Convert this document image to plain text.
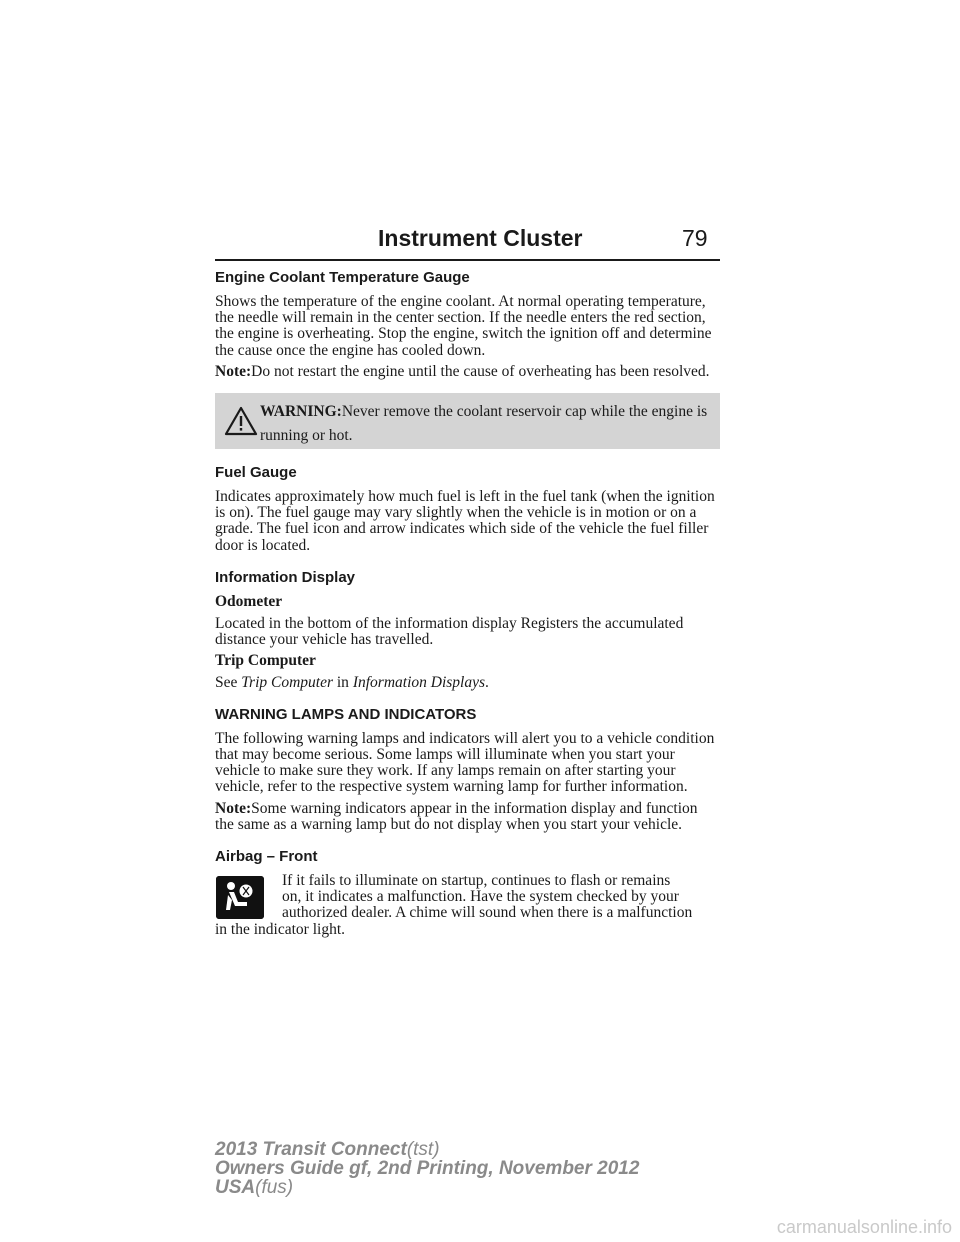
Instrument Cluster	79
Engine Coolant Temperature Gauge

Shows the temperature of the engine coolant. At normal operating temperature, the needle will remain in the center section. If the needle enters the red section, the engine is overheating. Stop the engine, switch the ignition off and determine the cause once the engine has cooled down.

Note:Do not restart the engine until the cause of overheating has been resolved.

WARNING:Never remove the coolant reservoir cap while the engine is running or hot.
Fuel Gauge

Indicates approximately how much fuel is left in the fuel tank (when the ignition is on). The fuel gauge may vary slightly when the vehicle is in motion or on a grade. The fuel icon and arrow indicates which side of the vehicle the fuel filler door is located.

Information Display

Odometer

Located in the bottom of the information display Registers the accumulated distance your vehicle has travelled.

Trip Computer

See Trip Computer in Information Displays.

WARNING LAMPS AND INDICATORS

The following warning lamps and indicators will alert you to a vehicle condition that may become serious. Some lamps will illuminate when you start your vehicle to make sure they work. If any lamps remain on after starting your vehicle, refer to the respective system warning lamp for further information.

Note:Some warning indicators appear in the information display and function the same as a warning lamp but do not display when you start your vehicle.

Airbag – Front

If it fails to illuminate on startup, continues to flash or remains

on, it indicates a malfunction. Have the system checked by your

authorized dealer. A chime will sound when there is a malfunction

in the indicator light.

2013 Transit Connect(tst)
Owners Guide gf, 2nd Printing, November 2012
USA(fus)
carmanualsonline.info
